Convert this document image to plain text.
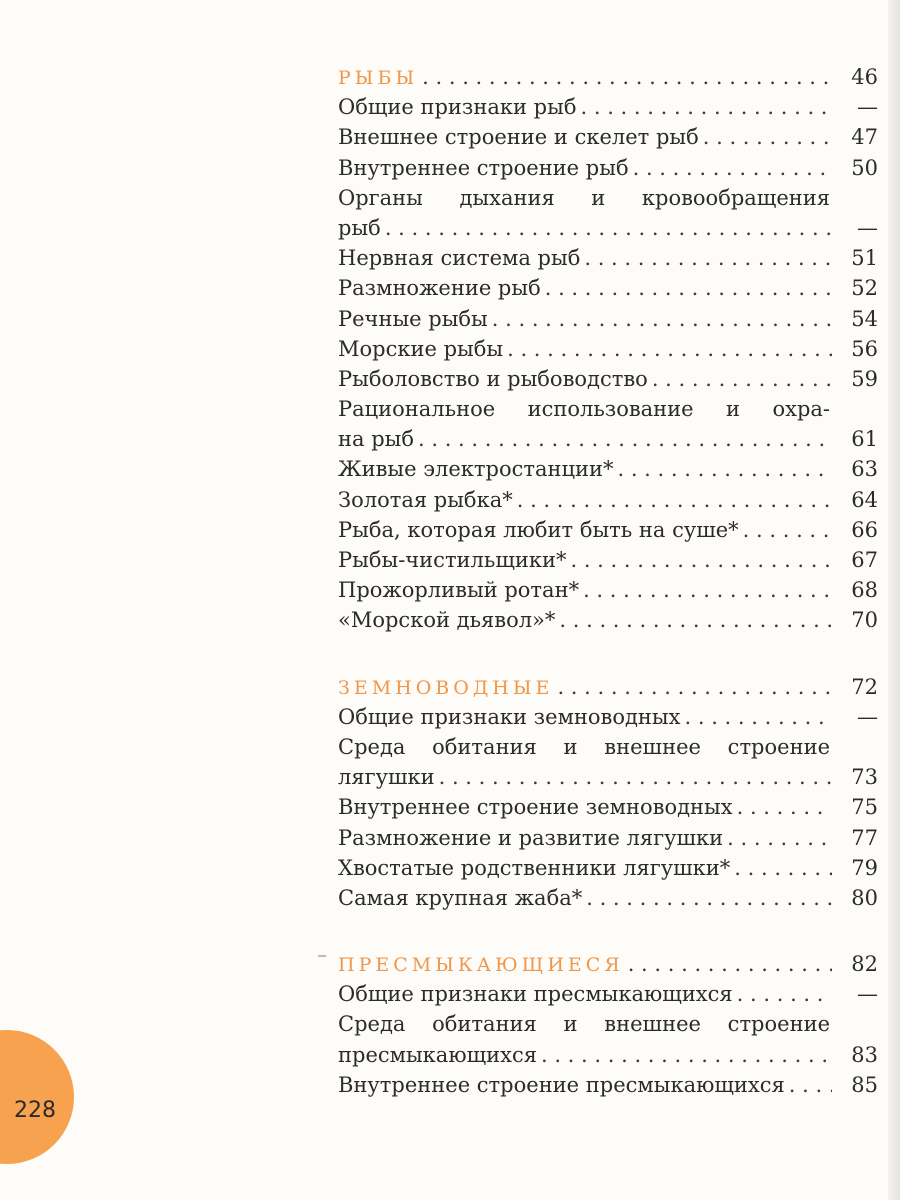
РЫБЫ . . .	46
Общие признаки рыб . . .	—
Внешнее строение и скелет рыб . . .	47
Внутреннее строение рыб . . .	50
Органы дыхания и кровообращения
рыб . . .	—
Нервная система рыб . . .	51
Размножение рыб . . .	52
Речные рыбы . . .	54
Морские рыбы . . .	56
Рыболовство и рыбоводство . . .	59
Рациональное использование и охра-
на рыб . . .	61
Живые электростанции* . . .	63
Золотая рыбка* . . .	64
Рыба, которая любит быть на суше* . . .	66
Рыбы-чистильщики* . . .	67
Прожорливый ротан* . . .	68
«Морской дьявол»* . . .	70
ЗЕМНОВОДНЫЕ . . .	72
Общие признаки земноводных . . .	—
Среда обитания и внешнее строение
лягушки . . .	73
Внутреннее строение земноводных . . .	75
Размножение и развитие лягушки . . .	77
Хвостатые родственники лягушки* . . .	79
Самая крупная жаба* . . .	80
ПРЕСМЫКАЮЩИЕСЯ . . .	82
Общие признаки пресмыкающихся . . .	—
Среда обитания и внешнее строение
пресмыкающихся . . .	83
Внутреннее строение пресмыкающихся . . .	85
228
